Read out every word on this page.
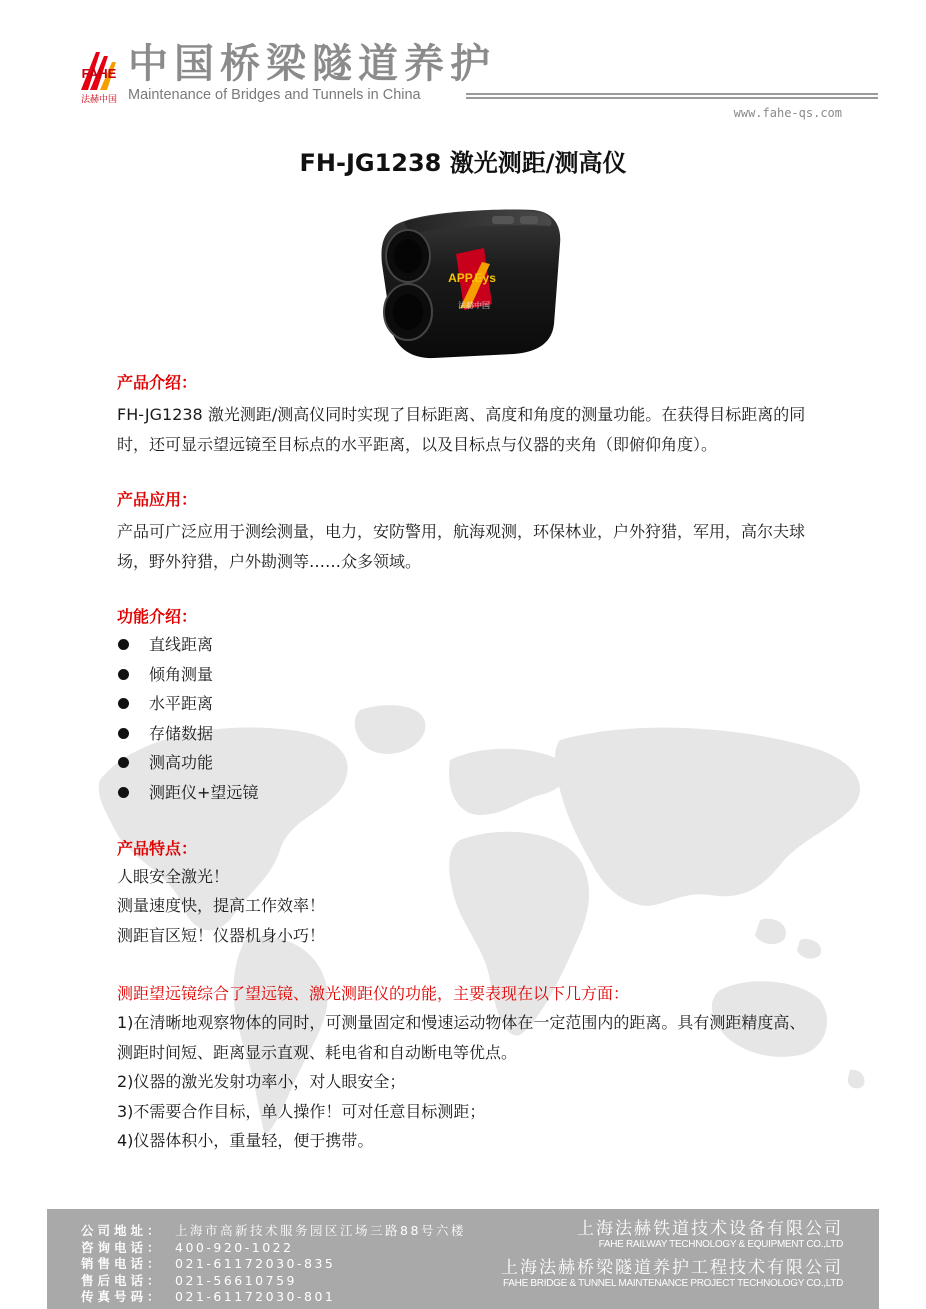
FAHE
法赫中国
中国桥梁隧道养护
Maintenance of Bridges and Tunnels in China
www.fahe-qs.com
FH-JG1238 激光测距/测高仪
APP.Eys
法赫中国
产品介绍：

FH-JG1238 激光测距/测高仪同时实现了目标距离、高度和角度的测量功能。在获得目标距离的同时，还可显示望远镜至目标点的水平距离，以及目标点与仪器的夹角（即俯仰角度）。

产品应用：

产品可广泛应用于测绘测量，电力，安防警用，航海观测，环保林业，户外狩猎，军用，高尔夫球场，野外狩猎，户外勘测等……众多领域。

功能介绍：
直线距离
倾角测量
水平距离
存储数据
测高功能
测距仪+望远镜
产品特点：

人眼安全激光！

测量速度快，提高工作效率！

测距盲区短！仪器机身小巧！

测距望远镜综合了望远镜、激光测距仪的功能，主要表现在以下几方面：

1)在清晰地观察物体的同时，可测量固定和慢速运动物体在一定范围内的距离。具有测距精度高、测距时间短、距离显示直观、耗电省和自动断电等优点。

2)仪器的激光发射功率小，对人眼安全；

3)不需要合作目标，单人操作！可对任意目标测距；

4)仪器体积小，重量轻，便于携带。

公司地址： 上海市高新技术服务园区江场三路88号六楼
咨询电话： 400-920-1022
销售电话： 021-61172030-835
售后电话： 021-56610759
传真号码： 021-61172030-801
上海法赫铁道技术设备有限公司
FAHE RAILWAY TECHNOLOGY & EQUIPMENT CO.,LTD
上海法赫桥梁隧道养护工程技术有限公司
FAHE BRIDGE & TUNNEL MAINTENANCE PROJECT TECHNOLOGY CO.,LTD
